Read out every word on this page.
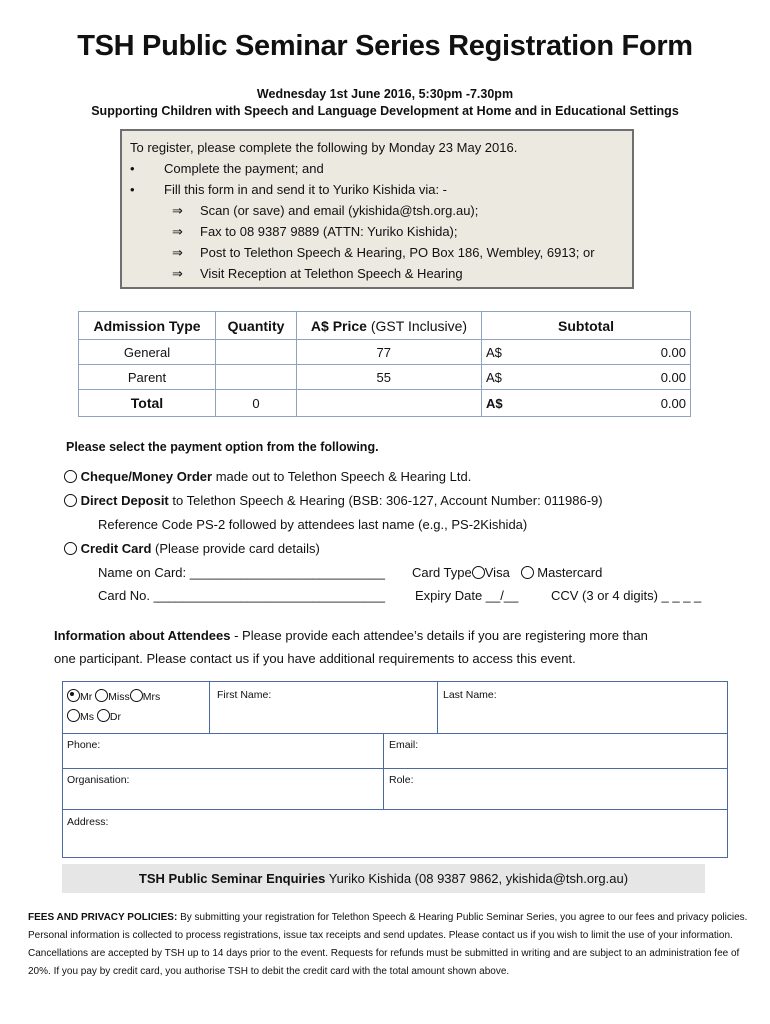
TSH Public Seminar Series Registration Form
Wednesday 1st June 2016, 5:30pm -7.30pm
Supporting Children with Speech and Language Development at Home and in Educational Settings
To register, please complete the following by Monday 23 May 2016.
• Complete the payment; and
• Fill this form in and send it to Yuriko Kishida via: -
⇒ Scan (or save) and email (ykishida@tsh.org.au);
⇒ Fax to 08 9387 9889 (ATTN: Yuriko Kishida);
⇒ Post to Telethon Speech & Hearing, PO Box 186, Wembley, 6913; or
⇒ Visit Reception at Telethon Speech & Hearing
Admission Type	Quantity	A$ Price (GST Inclusive)	Subtotal
General		77	A$ 0.00

Parent		55	A$ 0.00

Total	0		A$ 0.00
Please select the payment option from the following.
Cheque/Money Order made out to Telethon Speech & Hearing Ltd.
Direct Deposit to Telethon Speech & Hearing (BSB: 306-127, Account Number: 011986-9)
Reference Code PS-2 followed by attendees last name (e.g., PS-2Kishida)
Credit Card (Please provide card details)
Name on Card: ___________________________ Card Type Visa Mastercard
Card No. ________________________________ Expiry Date __/__	CCV (3 or 4 digits) _ _ _ _
Information about Attendees - Please provide each attendee’s details if you are registering more than
one participant. Please contact us if you have additional requirements to access this event.
Mr Miss Mrs
Ms Dr
First Name:	Last Name:
Phone:	Email:
Organisation:	Role:
Address:
TSH Public Seminar Enquiries Yuriko Kishida (08 9387 9862, ykishida@tsh.org.au)
FEES AND PRIVACY POLICIES: By submitting your registration for Telethon Speech & Hearing Public Seminar Series, you agree to our fees and privacy policies. Personal information is collected to process registrations, issue tax receipts and send updates. Please contact us if you wish to limit the use of your information. Cancellations are accepted by TSH up to 14 days prior to the event. Requests for refunds must be submitted in writing and are subject to an administration fee of 20%. If you pay by credit card, you authorise TSH to debit the credit card with the total amount shown above.
